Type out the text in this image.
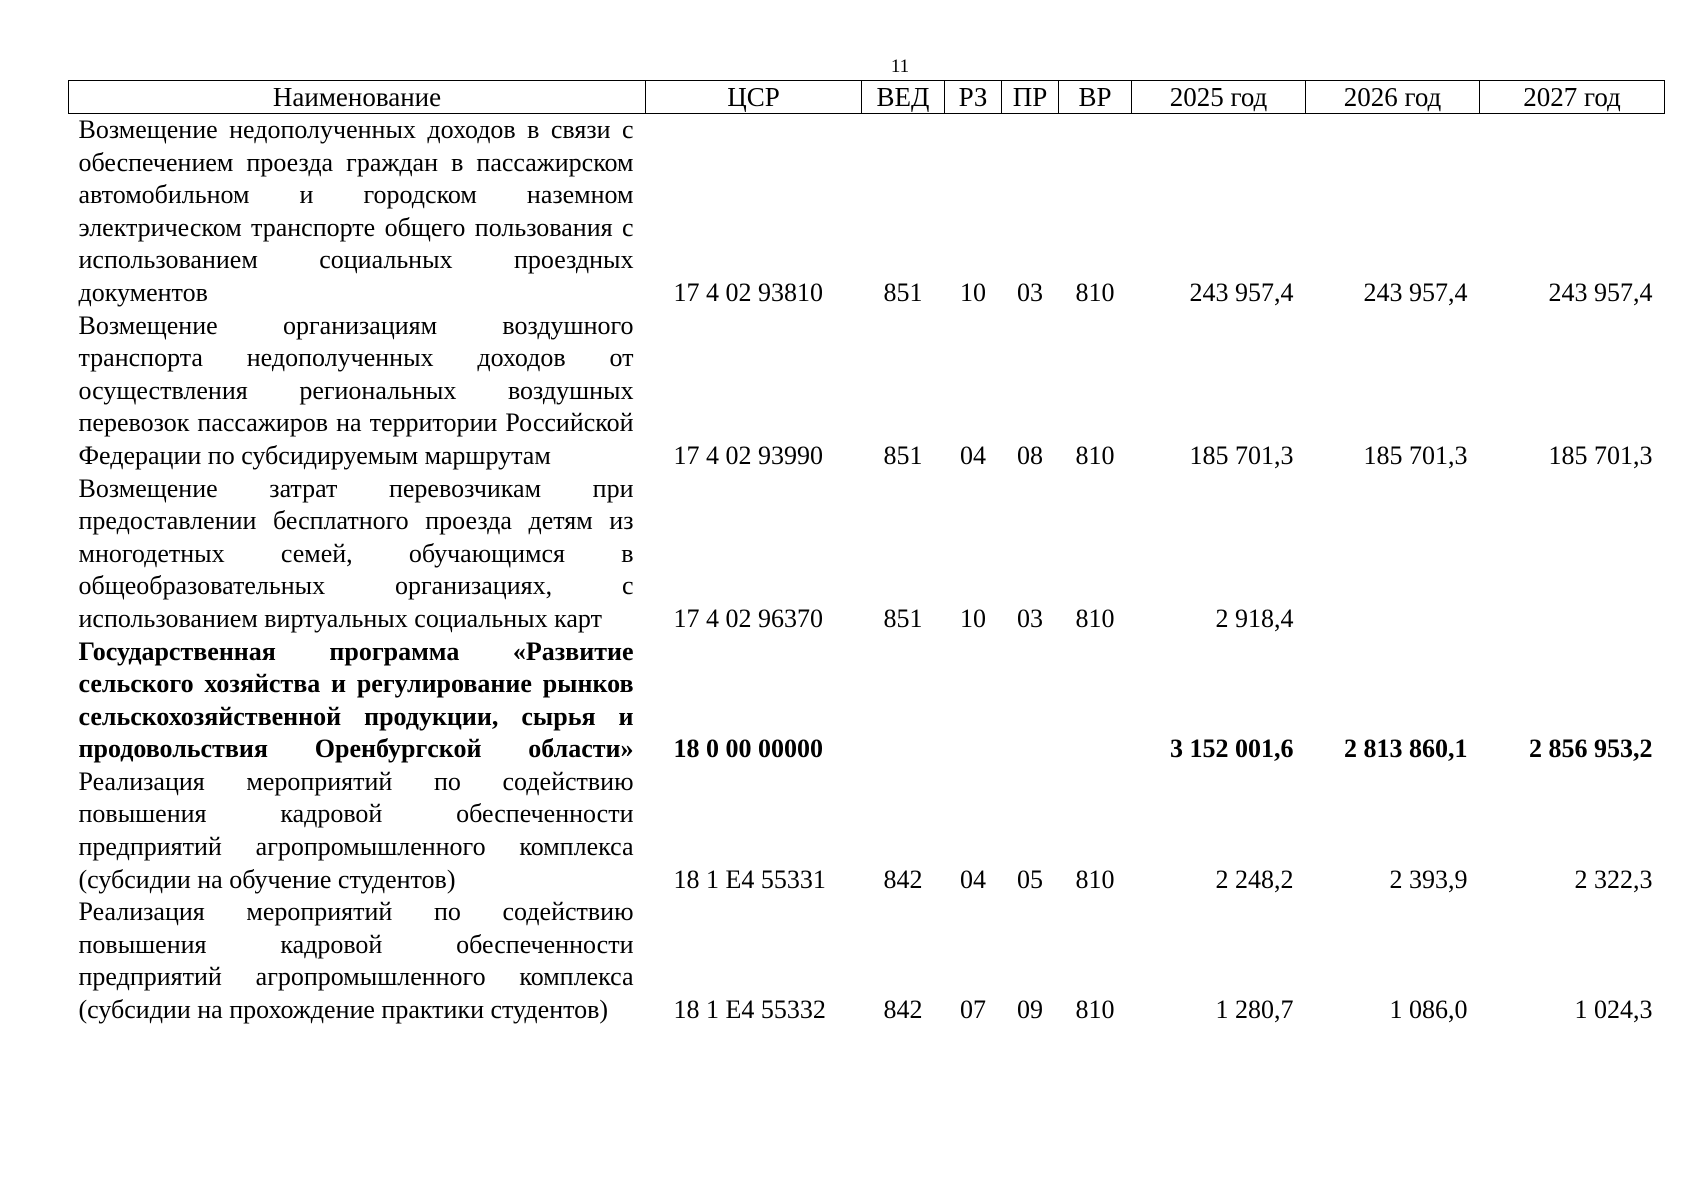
11
Наименование	ЦСР	ВЕД	РЗ	ПР	ВР	2025 год	2026 год	2027 год
Возмещение недополученных доходов в связи с обеспечением проезда граждан в пассажирском автомобильном и городском наземном электрическом транспорте общего пользования с использованием социальных проездных документов	17 4 02 93810	851	10	03	810	243 957,4	243 957,4	243 957,4
Возмещение организациям воздушного транспорта недополученных доходов от осуществления региональных воздушных перевозок пассажиров на территории Российской Федерации по субсидируемым маршрутам	17 4 02 93990	851	04	08	810	185 701,3	185 701,3	185 701,3
Возмещение затрат перевозчикам при предоставлении бесплатного проезда детям из многодетных семей, обучающимся в общеобразовательных организациях, с использованием виртуальных социальных карт	17 4 02 96370	851	10	03	810	2 918,4		
Государственная программа «Развитие сельского хозяйства и регулирование рынков сельскохозяйственной продукции, сырья и продовольствия Оренбургской области»	18 0 00 00000					3 152 001,6	2 813 860,1	2 856 953,2
Реализация мероприятий по содействию повышения кадровой обеспеченности предприятий агропромышленного комплекса (субсидии на обучение студентов)	18 1 E4 55331	842	04	05	810	2 248,2	2 393,9	2 322,3
Реализация мероприятий по содействию повышения кадровой обеспеченности предприятий агропромышленного комплекса (субсидии на прохождение практики студентов)	18 1 E4 55332	842	07	09	810	1 280,7	1 086,0	1 024,3
